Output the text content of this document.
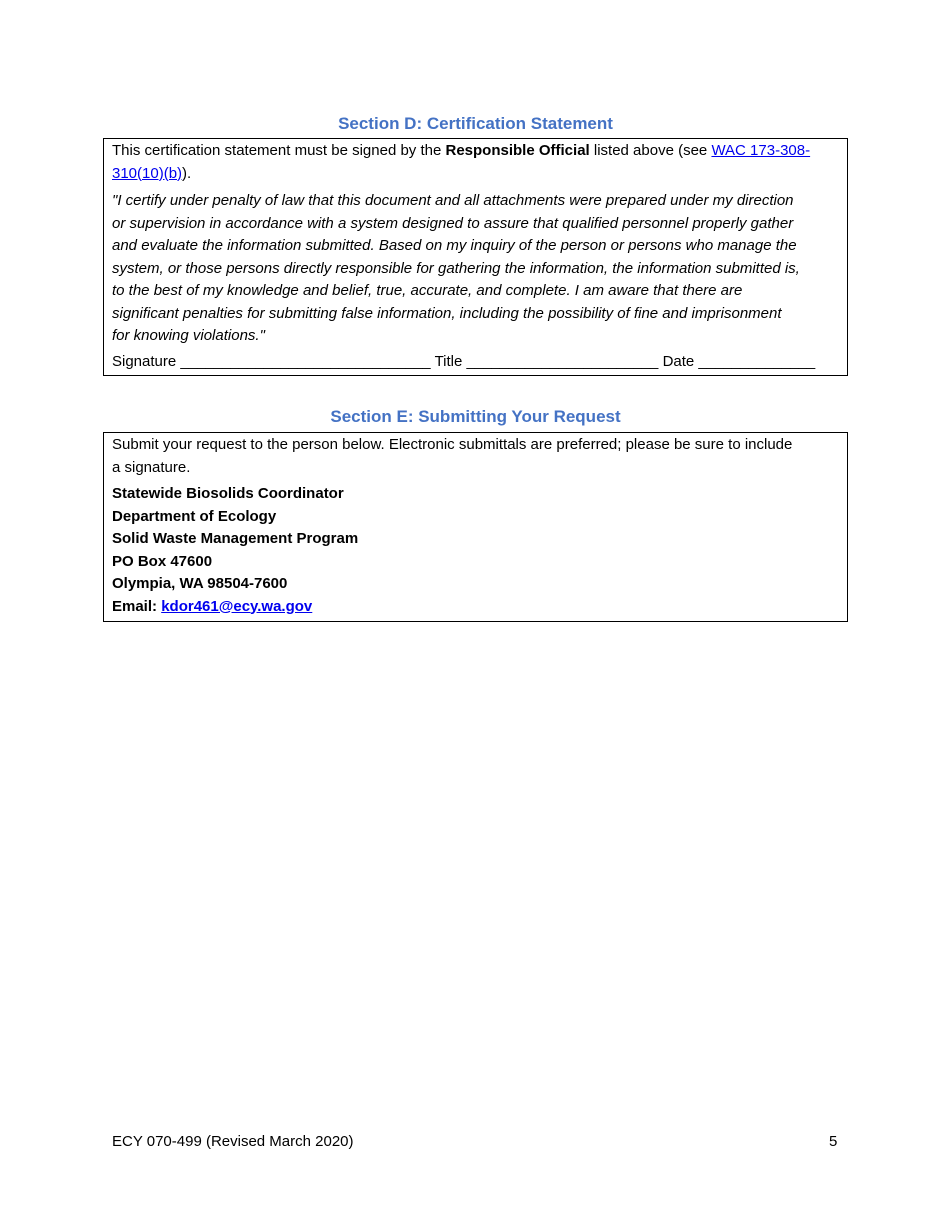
Section D: Certification Statement

This certification statement must be signed by the Responsible Official listed above (see WAC 173-308-
310(10)(b)).

"I certify under penalty of law that this document and all attachments were prepared under my direction

or supervision in accordance with a system designed to assure that qualified personnel properly gather

and evaluate the information submitted. Based on my inquiry of the person or persons who manage the

system, or those persons directly responsible for gathering the information, the information submitted is,

to the best of my knowledge and belief, true, accurate, and complete. I am aware that there are

significant penalties for submitting false information, including the possibility of fine and imprisonment

for knowing violations."

Signature ______________________________ Title _______________________ Date ______________

Section E: Submitting Your Request

Submit your request to the person below. Electronic submittals are preferred; please be sure to include

a signature.

Statewide Biosolids Coordinator

Department of Ecology

Solid Waste Management Program

PO Box 47600

Olympia, WA 98504-7600

Email: kdor461@ecy.wa.gov

ECY 070-499 (Revised March 2020)	5
